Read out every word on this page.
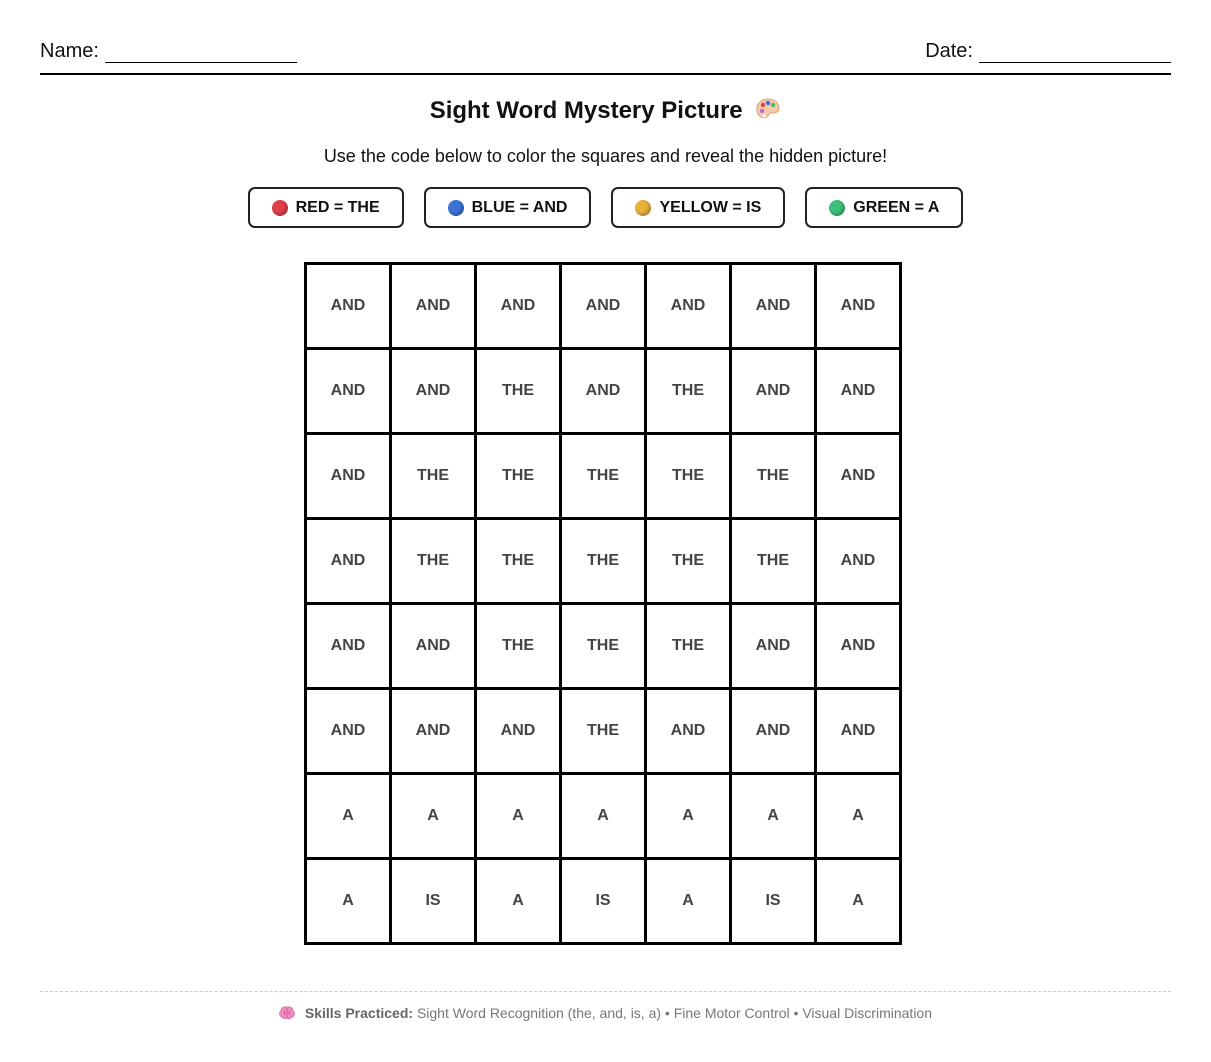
Name:	Date:
Sight Word Mystery Picture
Use the code below to color the squares and reveal the hidden picture!
RED = THE	BLUE = AND	YELLOW = IS	GREEN = A
AND	AND	AND	AND	AND	AND	AND
AND	AND	THE	AND	THE	AND	AND
AND	THE	THE	THE	THE	THE	AND
AND	THE	THE	THE	THE	THE	AND
AND	AND	THE	THE	THE	AND	AND
AND	AND	AND	THE	AND	AND	AND
A	A	A	A	A	A	A
A	IS	A	IS	A	IS	A
Skills Practiced: Sight Word Recognition (the, and, is, a) • Fine Motor Control • Visual Discrimination
